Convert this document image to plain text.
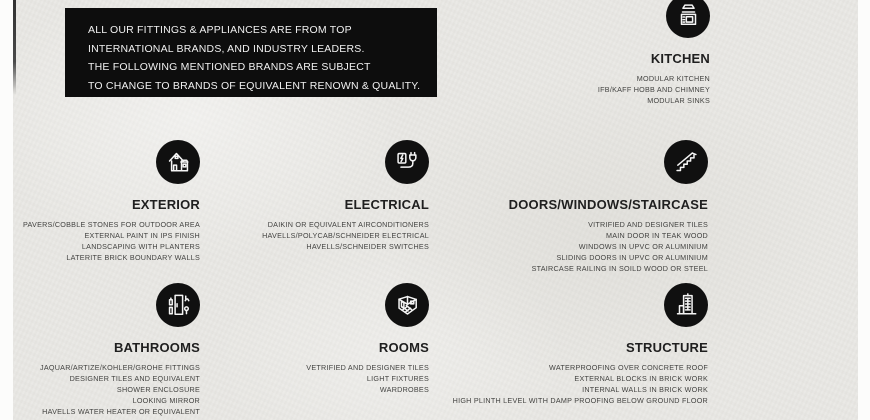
ALL OUR FITTINGS & APPLIANCES ARE FROM TOP
INTERNATIONAL BRANDS, AND INDUSTRY LEADERS.
THE FOLLOWING MENTIONED BRANDS ARE SUBJECT
TO CHANGE TO BRANDS OF EQUIVALENT RENOWN & QUALITY.
KITCHEN
MODULAR KITCHEN
IFB/KAFF HOBB AND CHIMNEY
MODULAR SINKS
EXTERIOR
PAVERS/COBBLE STONES FOR OUTDOOR AREA
EXTERNAL PAINT IN IPS FINISH
LANDSCAPING WITH PLANTERS
LATERITE BRICK BOUNDARY WALLS
ELECTRICAL
DAIKIN OR EQUIVALENT AIRCONDITIONERS
HAVELLS/POLYCAB/SCHNEIDER ELECTRICAL
HAVELLS/SCHNEIDER SWITCHES
DOORS/WINDOWS/STAIRCASE
VITRIFIED AND DESIGNER TILES
MAIN DOOR IN TEAK WOOD
WINDOWS IN UPVC OR ALUMINIUM
SLIDING DOORS IN UPVC OR ALUMINIUM
STAIRCASE RAILING IN SOILD WOOD OR STEEL
BATHROOMS
JAQUAR/ARTIZE/KOHLER/GROHE FITTINGS
DESIGNER TILES AND EQUIVALENT
SHOWER ENCLOSURE
LOOKING MIRROR
HAVELLS WATER HEATER OR EQUIVALENT
ROOMS
VETRIFIED AND DESIGNER TILES
LIGHT FIXTURES
WARDROBES
STRUCTURE
WATERPROOFING OVER CONCRETE ROOF
EXTERNAL BLOCKS IN BRICK WORK
INTERNAL WALLS IN BRICK WORK
HIGH PLINTH LEVEL WITH DAMP PROOFING BELOW GROUND FLOOR
